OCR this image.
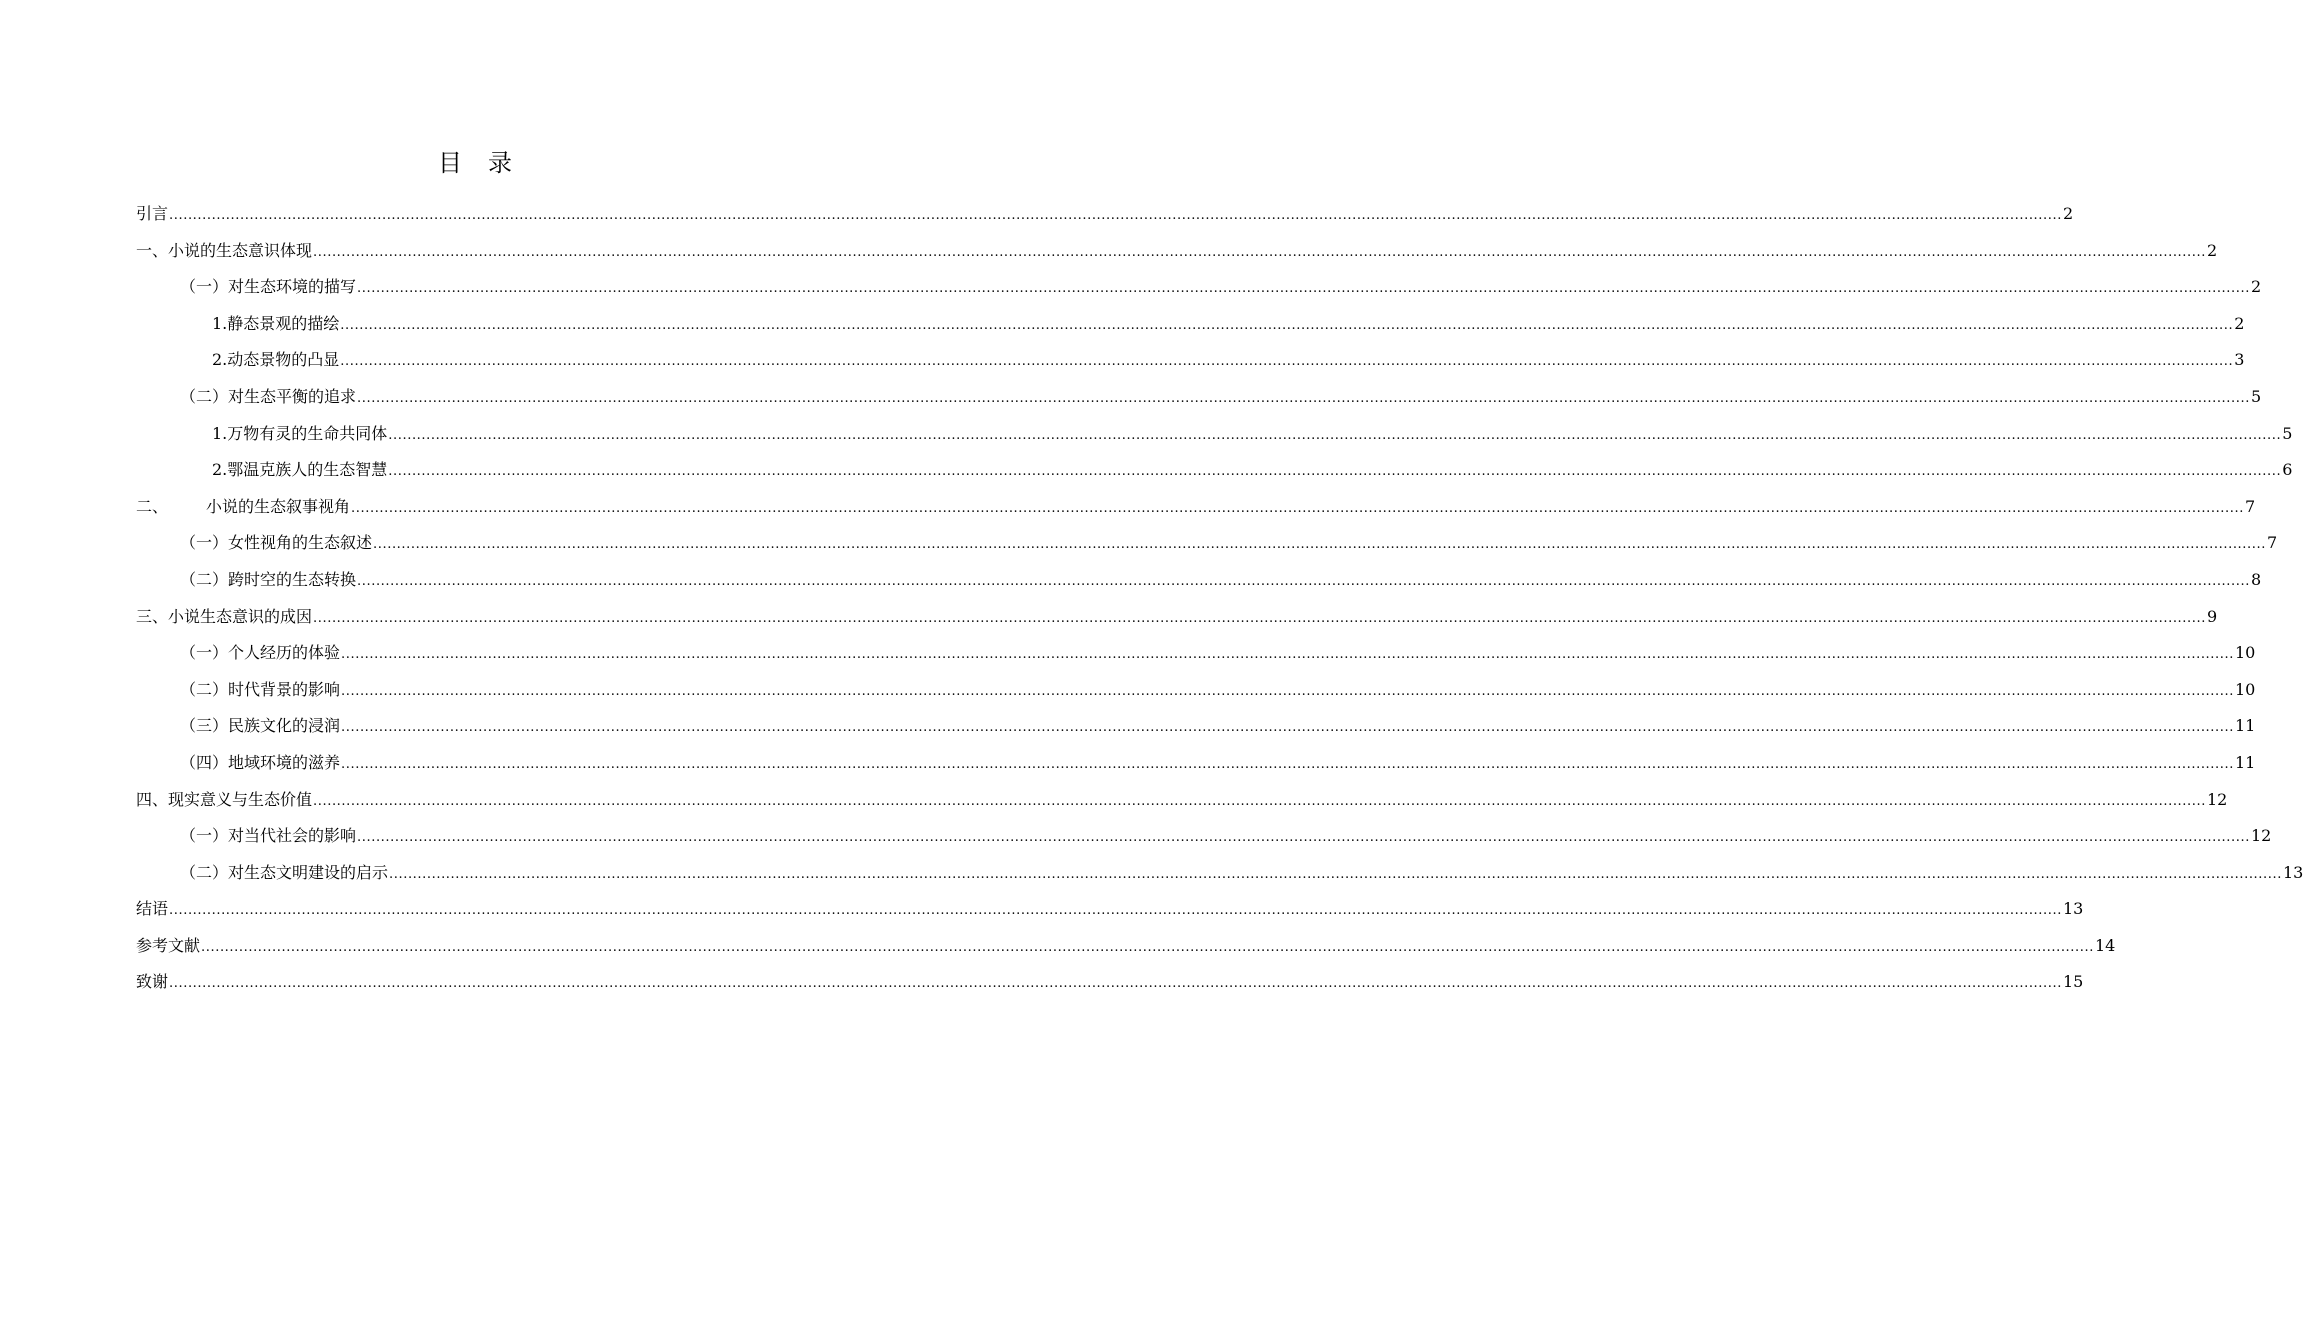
目 录
引言 ................................................................................................................................................................................................................................................................................................................................................................................................................ 2
一、小说的生态意识体现 ................................................................................................................................................................................................................................................................................................................................................................................................................ 2
（一）对生态环境的描写 ................................................................................................................................................................................................................................................................................................................................................................................................................ 2
1.静态景观的描绘 ................................................................................................................................................................................................................................................................................................................................................................................................................ 2
2.动态景物的凸显 ................................................................................................................................................................................................................................................................................................................................................................................................................ 3
（二）对生态平衡的追求 ................................................................................................................................................................................................................................................................................................................................................................................................................ 5
1.万物有灵的生命共同体 ................................................................................................................................................................................................................................................................................................................................................................................................................ 5
2.鄂温克族人的生态智慧 ................................................................................................................................................................................................................................................................................................................................................................................................................ 6
二、 小说的生态叙事视角 ................................................................................................................................................................................................................................................................................................................................................................................................................ 7
（一）女性视角的生态叙述 ................................................................................................................................................................................................................................................................................................................................................................................................................ 7
（二）跨时空的生态转换 ................................................................................................................................................................................................................................................................................................................................................................................................................ 8
三、小说生态意识的成因 ................................................................................................................................................................................................................................................................................................................................................................................................................ 9
（一）个人经历的体验 ................................................................................................................................................................................................................................................................................................................................................................................................................ 10
（二）时代背景的影响 ................................................................................................................................................................................................................................................................................................................................................................................................................ 10
（三）民族文化的浸润 ................................................................................................................................................................................................................................................................................................................................................................................................................ 11
（四）地域环境的滋养 ................................................................................................................................................................................................................................................................................................................................................................................................................ 11
四、现实意义与生态价值 ................................................................................................................................................................................................................................................................................................................................................................................................................ 12
（一）对当代社会的影响 ................................................................................................................................................................................................................................................................................................................................................................................................................ 12
（二）对生态文明建设的启示 ................................................................................................................................................................................................................................................................................................................................................................................................................ 13
结语 ................................................................................................................................................................................................................................................................................................................................................................................................................ 13
参考文献 ................................................................................................................................................................................................................................................................................................................................................................................................................ 14
致谢 ................................................................................................................................................................................................................................................................................................................................................................................................................ 15
